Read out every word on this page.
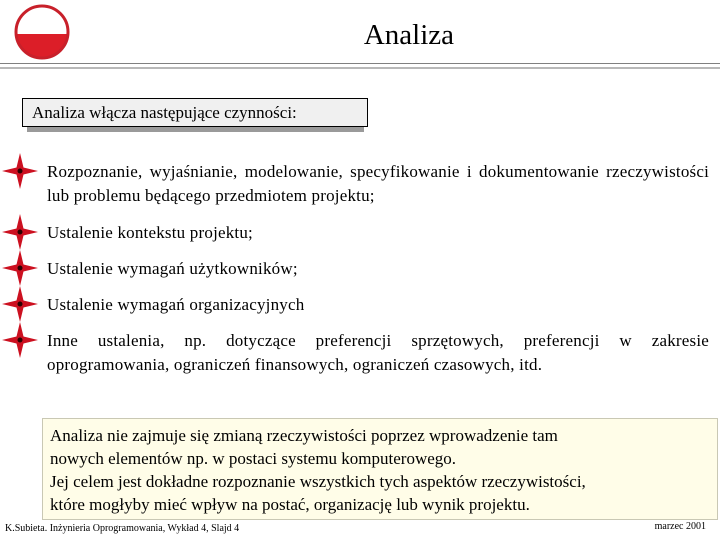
Analiza
Analiza włącza następujące czynności:
Rozpoznanie, wyjaśnianie, modelowanie, specyfikowanie i dokumentowanie rzeczywistości lub problemu będącego przedmiotem projektu;
Ustalenie kontekstu projektu;
Ustalenie wymagań użytkowników;
Ustalenie wymagań organizacyjnych
Inne ustalenia, np. dotyczące preferencji sprzętowych, preferencji w zakresie oprogramowania, ograniczeń finansowych, ograniczeń czasowych, itd.
Analiza nie zajmuje się zmianą rzeczywistości poprzez wprowadzenie tam
nowych elementów np. w postaci systemu komputerowego.
Jej celem jest dokładne rozpoznanie wszystkich tych aspektów rzeczywistości,
które mogłyby mieć wpływ na postać, organizację lub wynik projektu.
K.Subieta. Inżynieria Oprogramowania, Wykład 4, Slajd 4	marzec 2001
